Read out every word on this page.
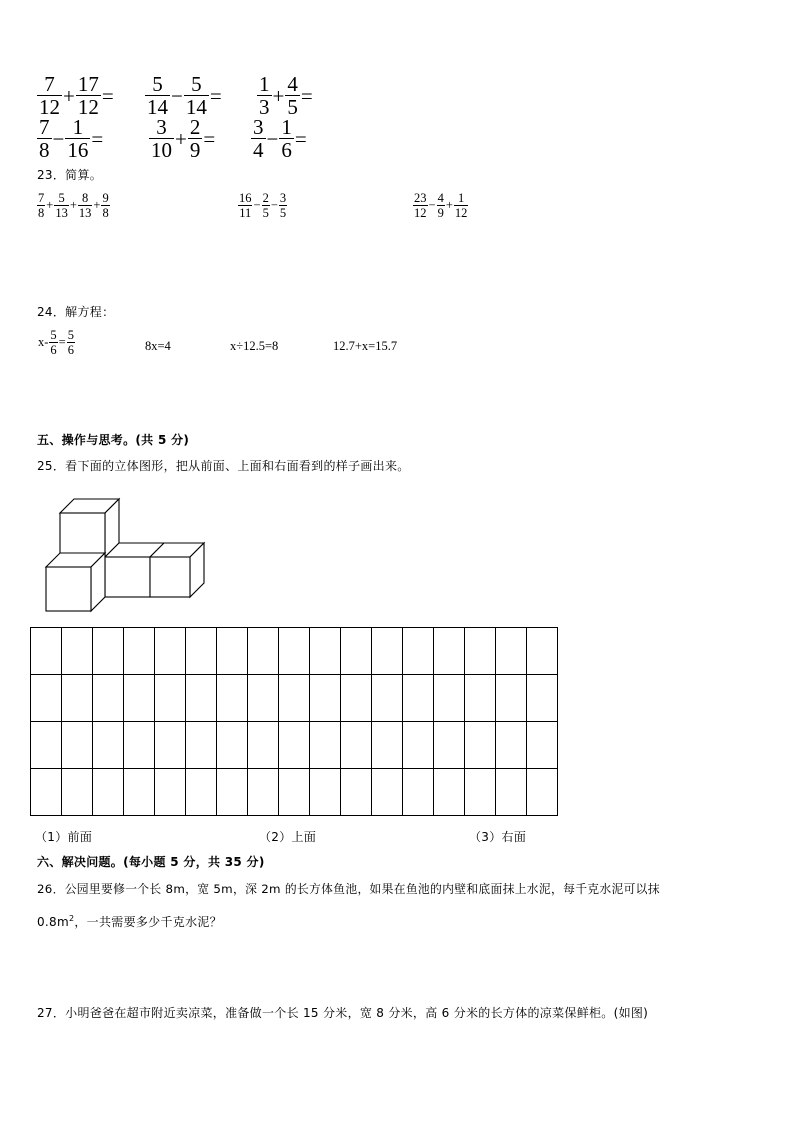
$\frac{7}{12} + \frac{17}{12} = \frac{5}{14} - \frac{5}{14} = \frac{1}{3} + \frac{4}{5}$ =
$\frac{7}{8} - \frac{1}{16} = \frac{3}{10} + \frac{2}{9} = \frac{3}{4} - \frac{1}{6}$ =
23．简算。
$\frac{7}{8} + \frac{5}{13} + \frac{8}{13} + \frac{9}{8}$	$\frac{16}{11} - \frac{2}{5} - \frac{3}{5}$	$\frac{23}{12} - \frac{4}{9} + \frac{1}{12}$
24．解方程：
$x- \frac{5}{6} = \frac{5}{6}$	8x=4	x÷12.5=8	12.7+x=15.7
五、操作与思考。(共 5 分)
25．看下面的立体图形，把从前面、上面和右面看到的样子画出来。

（1）前面	（2）上面	（3）右面
六、解决问题。(每小题 5 分，共 35 分)
26．公园里要修一个长 8m，宽 5m，深 2m 的长方体鱼池，如果在鱼池的内壁和底面抹上水泥，每千克水泥可以抹
$0.8m^2$，一共需要多少千克水泥？
27．小明爸爸在超市附近卖凉菜，准备做一个长 15 分米，宽 8 分米，高 6 分米的长方体的凉菜保鲜柜。(如图)
